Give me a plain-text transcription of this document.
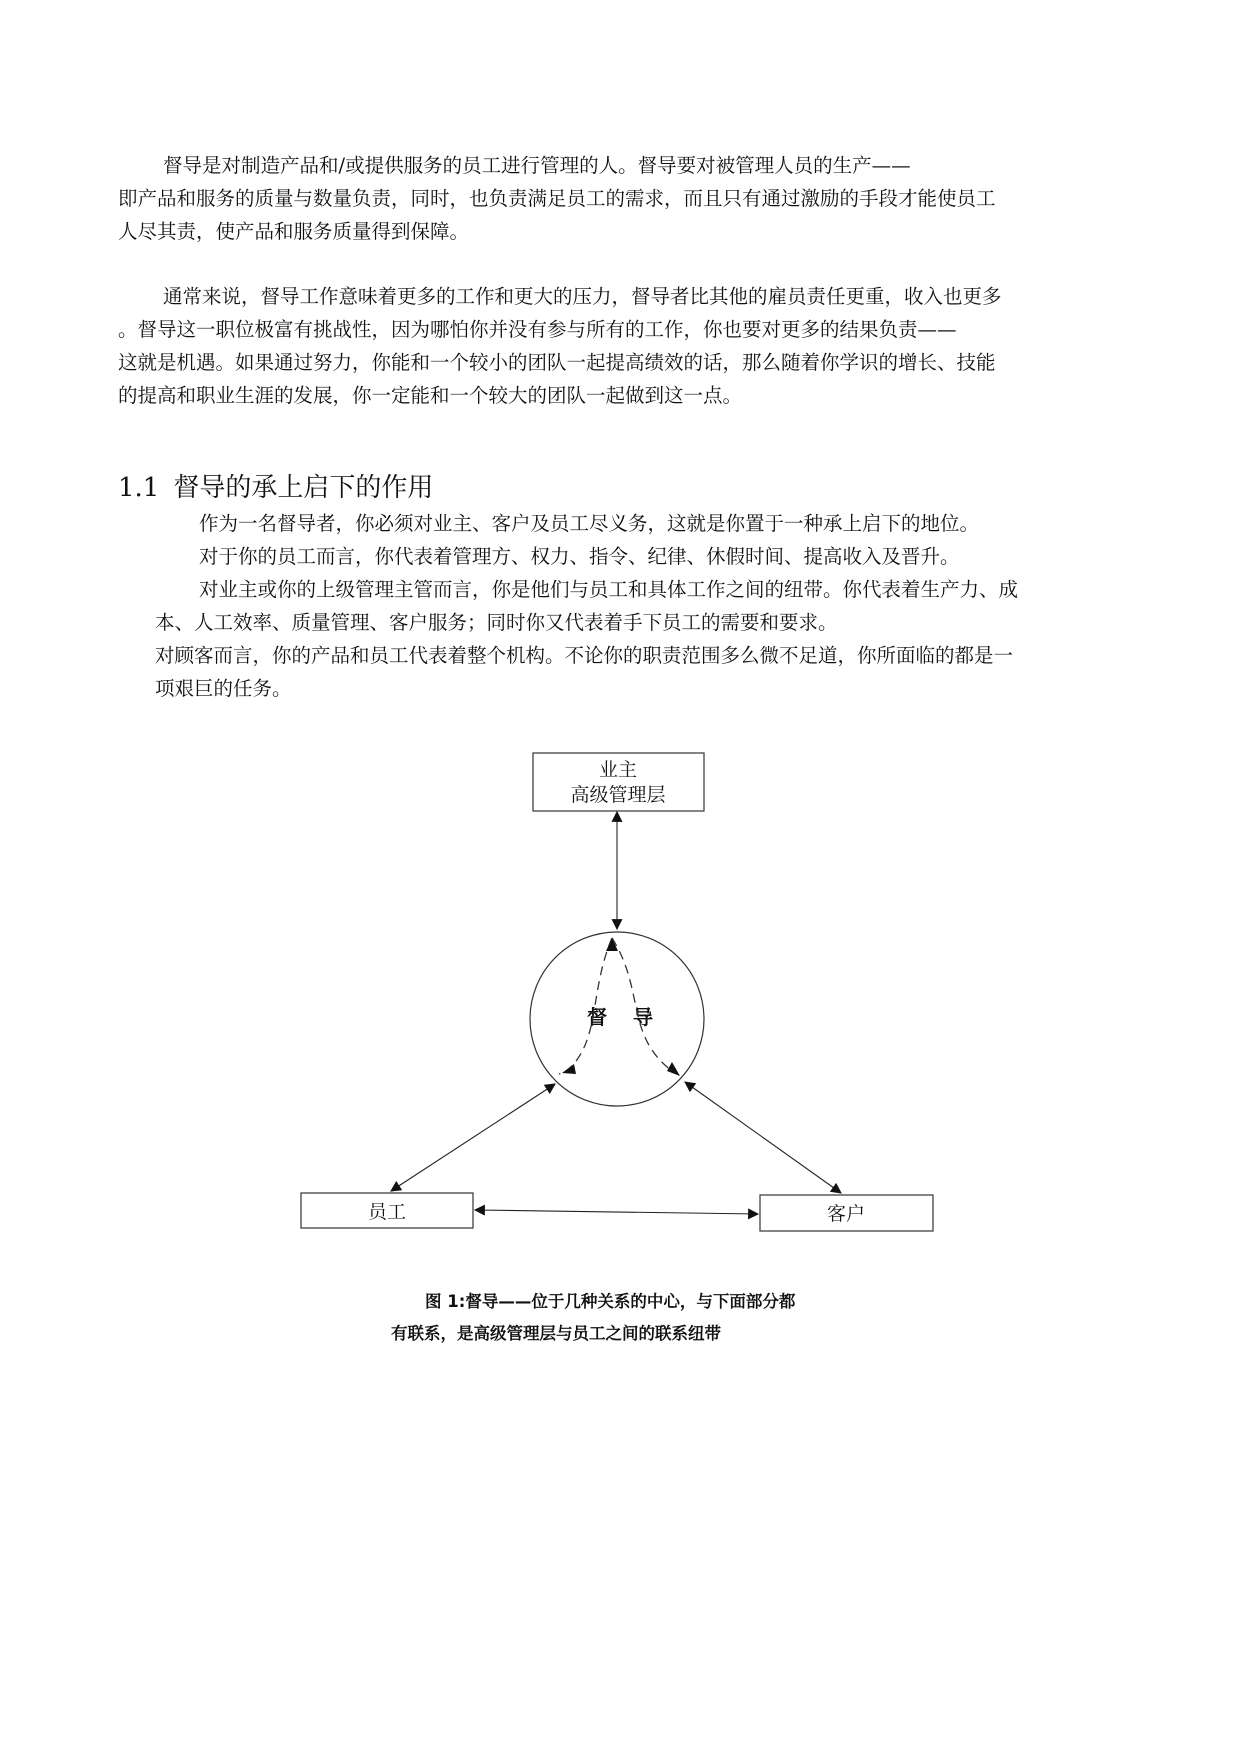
督导是对制造产品和/或提供服务的员工进行管理的人。督导要对被管理人员的生产——
即产品和服务的质量与数量负责，同时，也负责满足员工的需求，而且只有通过激励的手段才能使员工
人尽其责，使产品和服务质量得到保障。
通常来说，督导工作意味着更多的工作和更大的压力，督导者比其他的雇员责任更重，收入也更多
。督导这一职位极富有挑战性，因为哪怕你并没有参与所有的工作，你也要对更多的结果负责——
这就是机遇。如果通过努力，你能和一个较小的团队一起提高绩效的话，那么随着你学识的增长、技能
的提高和职业生涯的发展，你一定能和一个较大的团队一起做到这一点。
1.1 督导的承上启下的作用
作为一名督导者，你必须对业主、客户及员工尽义务，这就是你置于一种承上启下的地位。
对于你的员工而言，你代表着管理方、权力、指令、纪律、休假时间、提高收入及晋升。
对业主或你的上级管理主管而言，你是他们与员工和具体工作之间的纽带。你代表着生产力、成
本、人工效率、质量管理、客户服务；同时你又代表着手下员工的需要和要求。
对顾客而言，你的产品和员工代表着整个机构。不论你的职责范围多么微不足道，你所面临的都是一
项艰巨的任务。
业主
高级管理层
督 导
员工	客户
图 1:督导——位于几种关系的中心，与下面部分都
有联系，是高级管理层与员工之间的联系纽带
